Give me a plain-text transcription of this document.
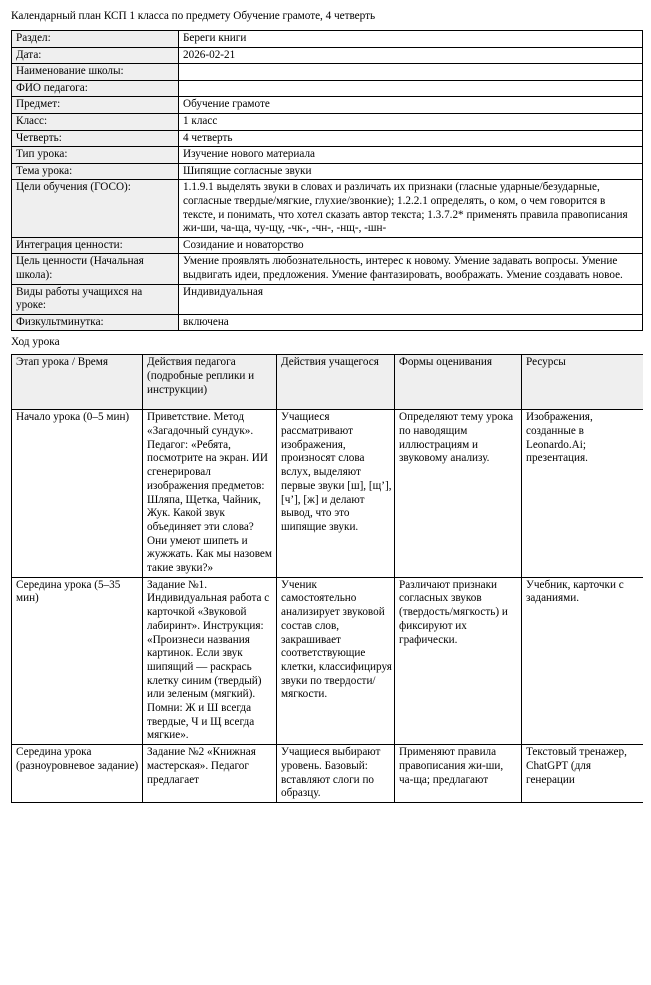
Календарный план КСП 1 класса по предмету Обучение грамоте, 4 четверть
Раздел:	Береги книги
Дата:	2026-02-21
Наименование школы:	
ФИО педагога:	
Предмет:	Обучение грамоте
Класс:	1 класс
Четверть:	4 четверть
Тип урока:	Изучение нового материала
Тема урока:	Шипящие согласные звуки
Цели обучения (ГОСО):	1.1.9.1 выделять звуки в словах и различать их признаки (гласные ударные/безударные, согласные твердые/мягкие, глухие/звонкие); 1.2.2.1 определять, о ком, о чем говорится в тексте, и понимать, что хотел сказать автор текста; 1.3.7.2* применять правила правописания жи-ши, ча-ща, чу-щу, -чк-, -чн-, -нщ-, -шн-
Интеграция ценности:	Созидание и новаторство
Цель ценности (Начальная школа):	Умение проявлять любознательность, интерес к новому. Умение задавать вопросы. Умение выдвигать идеи, предложения. Умение фантазировать, воображать. Умение создавать новое.
Виды работы учащихся на уроке:	Индивидуальная
Физкультминутка:	включена
Ход урока
Этап урока / Время	Действия педагога (подробные реплики и инструкции)	Действия учащегося	Формы оценивания	Ресурсы
Начало урока (0–5 мин)	Приветствие. Метод «Загадочный сундук». Педагог: «Ребята, посмотрите на экран. ИИ сгенерировал изображения предметов: Шляпа, Щетка, Чайник, Жук. Какой звук объединяет эти слова? Они умеют шипеть и жужжать. Как мы назовем такие звуки?»	Учащиеся рассматривают изображения, произносят слова вслух, выделяют первые звуки [ш], [щ’], [ч’], [ж] и делают вывод, что это шипящие звуки.	Определяют тему урока по наводящим иллюстрациям и звуковому анализу.	Изображения, созданные в Leonardo.Ai; презентация.
Середина урока (5–35 мин)	Задание №1. Индивидуальная работа с карточкой «Звуковой лабиринт». Инструкция: «Произнеси названия картинок. Если звук шипящий — раскрась клетку синим (твердый) или зеленым (мягкий). Помни: Ж и Ш всегда твердые, Ч и Щ всегда мягкие».	Ученик самостоятельно анализирует звуковой состав слов, закрашивает соответствующие клетки, классифицируя звуки по твердости/мягкости.	Различают признаки согласных звуков (твердость/мягкость) и фиксируют их графически.	Учебник, карточки с заданиями.
Середина урока (разноуровневое задание)	Задание №2 «Книжная мастерская». Педагог предлагает	Учащиеся выбирают уровень. Базовый: вставляют слоги по образцу.	Применяют правила правописания жи-ши, ча-ща; предлагают	Текстовый тренажер, ChatGPT (для генерации
